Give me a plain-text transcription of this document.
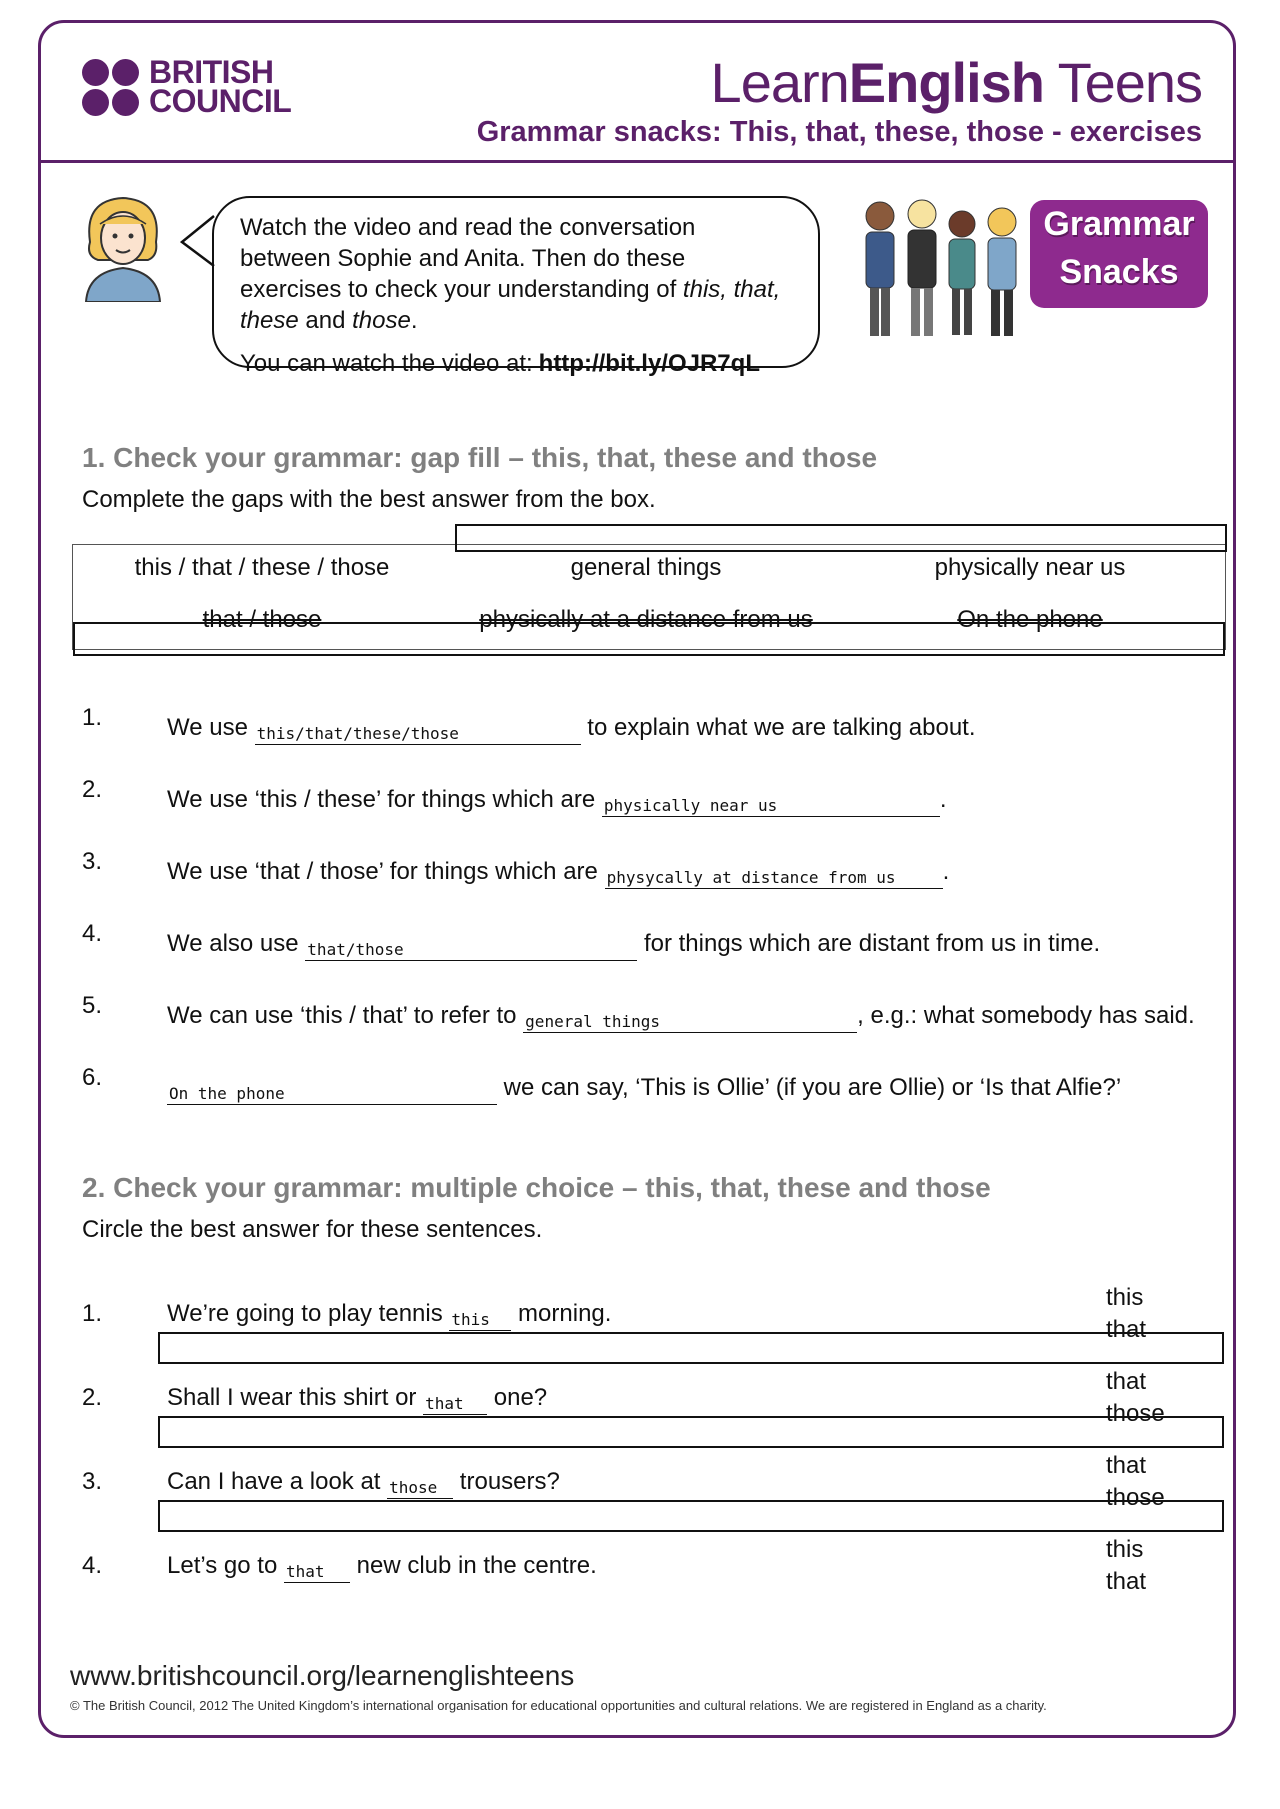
BRITISH
COUNCIL	LearnEnglish Teens
Grammar snacks: This, that, these, those - exercises
Watch the video and read the conversation between Sophie and Anita. Then do these exercises to check your understanding of this, that, these and those.
You can watch the video at: http://bit.ly/OJR7qL
Grammar
Snacks
1. Check your grammar: gap fill – this, that, these and those
Complete the gaps with the best answer from the box.
this / that / these / those	general things	physically near us
that / those	physically at a distance from us	On the phone
1.	We use this/that/these/those	to explain what we are talking about.
2.	We use ‘this / these’ for things which are physically near us	.
3.	We use ‘that / those’ for things which are physycally at distance from us .
4.	We also use that/those	for things which are distant from us in time.
5.	We can use ‘this / that’ to refer to general things	, e.g.: what somebody has said.
6.
On the phone	we can say, ‘This is Ollie’ (if you are Ollie) or ‘Is that Alfie?’
2. Check your grammar: multiple choice – this, that, these and those
Circle the best answer for these sentences.
1.	We’re going to play tennis this morning.
this
that
2.	Shall I wear this shirt or that one?
that
those
3.	Can I have a look at those trousers?
that
those
4.	Let’s go to that new club in the centre.
this
that
www.britishcouncil.org/learnenglishteens
© The British Council, 2012 The United Kingdom’s international organisation for educational opportunities and cultural relations. We are registered in England as a charity.
